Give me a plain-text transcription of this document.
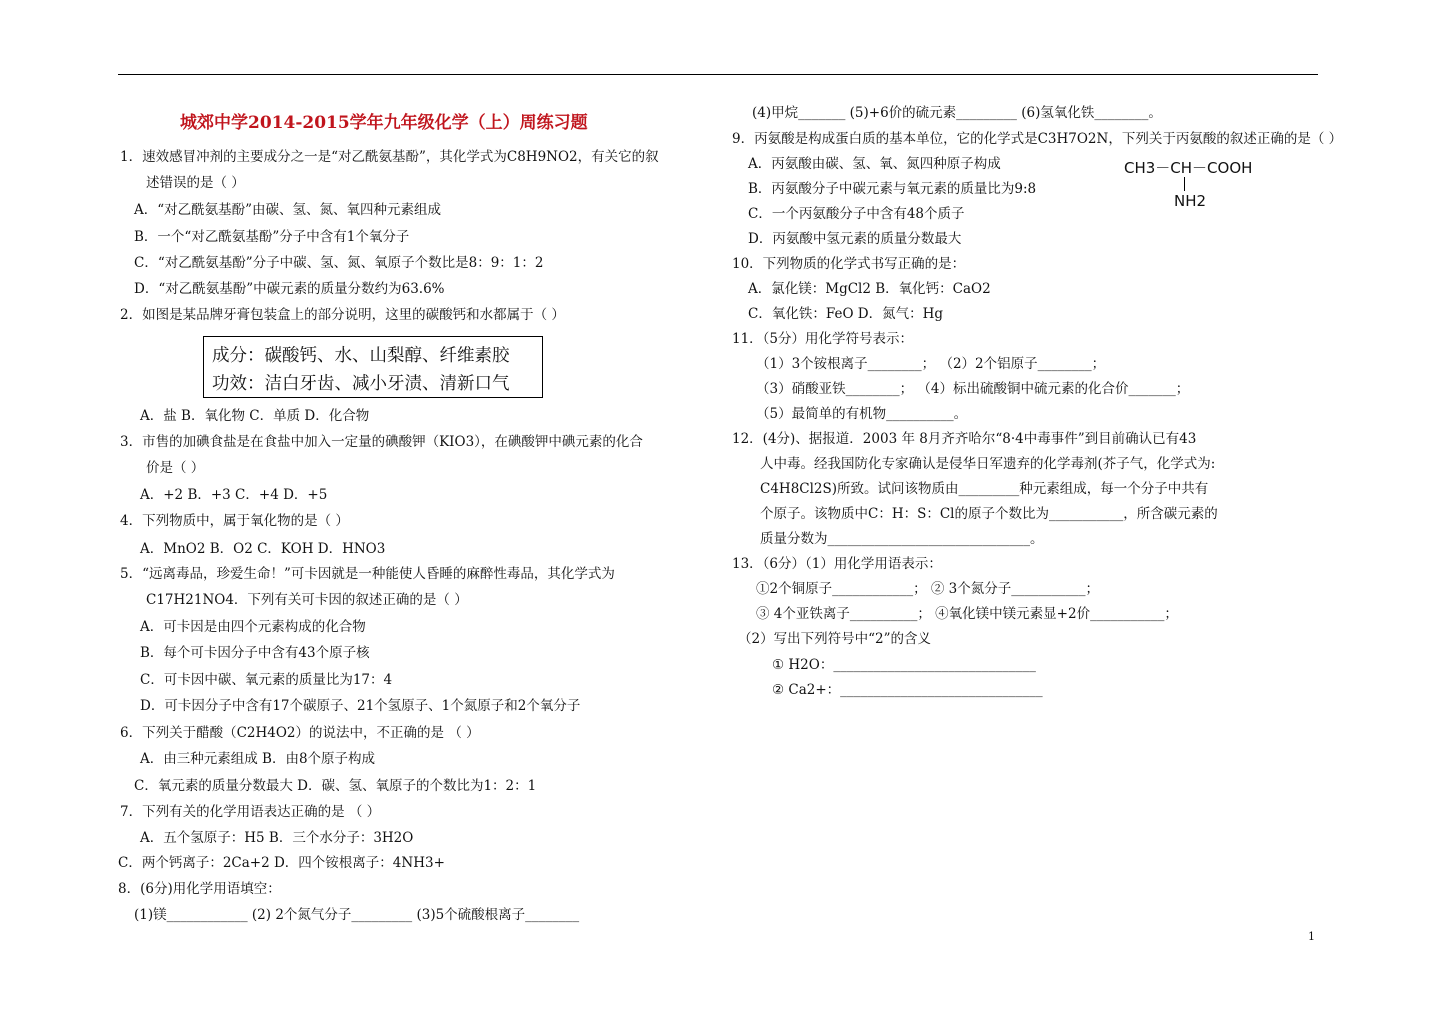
城郊中学2014-2015学年九年级化学（上）周练习题
1．速效感冒冲剂的主要成分之一是“对乙酰氨基酚”，其化学式为C8H9NO2，有关它的叙
述错误的是（ ）
A．“对乙酰氨基酚”由碳、氢、氮、氧四种元素组成
B．一个“对乙酰氨基酚”分子中含有1个氧分子
C．“对乙酰氨基酚”分子中碳、氢、氮、氧原子个数比是8：9：1：2
D．“对乙酰氨基酚”中碳元素的质量分数约为63.6%
2．如图是某品牌牙膏包装盒上的部分说明，这里的碳酸钙和水都属于（ ）
成分：碳酸钙、水、山梨醇、纤维素胶
功效：洁白牙齿、减小牙渍、清新口气
A．盐 B．氧化物 C．单质 D．化合物
3．市售的加碘食盐是在食盐中加入一定量的碘酸钾（KIO3），在碘酸钾中碘元素的化合
价是（ ）
A．+2 B．+3 C．+4 D．+5
4．下列物质中，属于氧化物的是（ ）
A．MnO2 B．O2 C．KOH D．HNO3
5．“远离毒品，珍爱生命！”可卡因就是一种能使人昏睡的麻醉性毒品，其化学式为
C17H21NO4．下列有关可卡因的叙述正确的是（ ）
A．可卡因是由四个元素构成的化合物
B．每个可卡因分子中含有43个原子核
C．可卡因中碳、氧元素的质量比为17：4
D．可卡因分子中含有17个碳原子、21个氢原子、1个氮原子和2个氧分子
6．下列关于醋酸（C2H4O2）的说法中，不正确的是 （ ）
A．由三种元素组成 B．由8个原子构成
C．氧元素的质量分数最大 D．碳、氢、氧原子的个数比为1：2：1
7．下列有关的化学用语表达正确的是 （ ）
A．五个氢原子：H5 B．三个水分子：3H2O
C．两个钙离子：2Ca+2 D．四个铵根离子：4NH3+
8．(6分)用化学用语填空：
(1)镁____________ (2) 2个氮气分子_________ (3)5个硫酸根离子________
(4)甲烷_______ (5)+6价的硫元素_________ (6)氢氧化铁________。
9．丙氨酸是构成蛋白质的基本单位，它的化学式是C3H7O2N，下列关于丙氨酸的叙述正确的是（ ）
A．丙氨酸由碳、氢、氧、氮四种原子构成
B．丙氨酸分子中碳元素与氧元素的质量比为9:8
C．一个丙氨酸分子中含有48个质子
D．丙氨酸中氢元素的质量分数最大
CH3－CH－COOH
NH2
10．下列物质的化学式书写正确的是：
A．氯化镁：MgCl2 B．氧化钙：CaO2
C．氧化铁：FeO D．氮气：Hg
11．（5分）用化学符号表示：
（1）3个铵根离子________； （2）2个铝原子________；
（3）硝酸亚铁________； （4）标出硫酸铜中硫元素的化合价_______；
（5）最简单的有机物__________。
12．(4分)、据报道．2003 年 8月齐齐哈尔“8·4中毒事件”到目前确认已有43
人中毒。经我国防化专家确认是侵华日军遗弃的化学毒剂(芥子气，化学式为:
C4H8Cl2S)所致。试问该物质由_________种元素组成，每一个分子中共有
个原子。该物质中C：H：S：Cl的原子个数比为___________，所含碳元素的
质量分数为______________________________。
13．（6分）（1）用化学用语表示：
①2个铜原子____________； ② 3个氮分子___________；
③ 4个亚铁离子__________； ④氧化镁中镁元素显+2价___________；
（2）写出下列符号中“2”的含义
① H2O：______________________________
② Ca2+：______________________________
1
